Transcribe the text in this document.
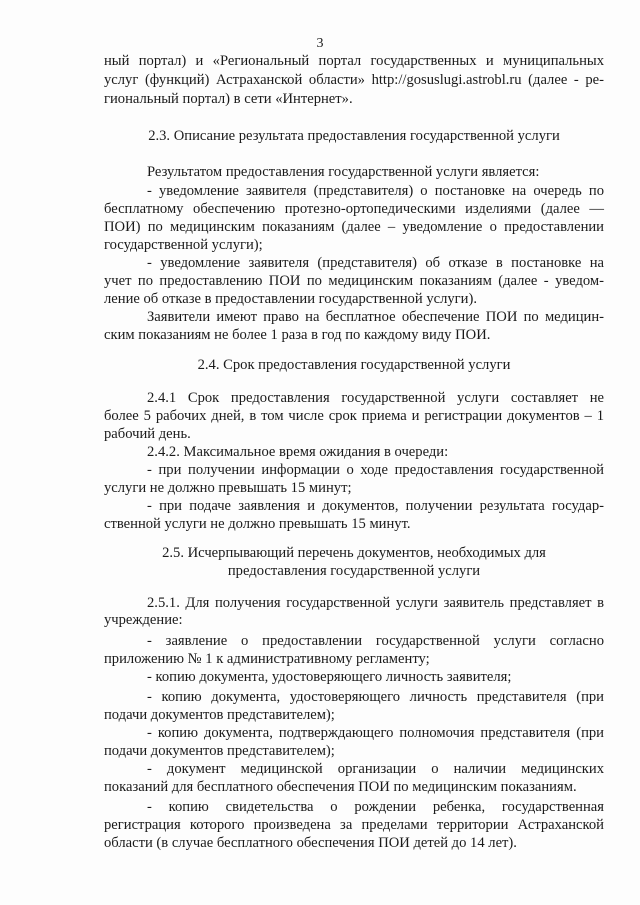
3
ный портал) и «Региональный портал государственных и муниципальных
услуг (функций) Астраханской области» http://gosuslugi.astrobl.ru (далее - ре-
гиональный портал) в сети «Интернет».
2.3. Описание результата предоставления государственной услуги
Результатом предоставления государственной услуги является:
- уведомление заявителя (представителя) о постановке на очередь по
бесплатному обеспечению протезно-ортопедическими изделиями (далее —
ПОИ) по медицинским показаниям (далее – уведомление о предоставлении
государственной услуги);
- уведомление заявителя (представителя) об отказе в постановке на
учет по предоставлению ПОИ по медицинским показаниям (далее - уведом-
ление об отказе в предоставлении государственной услуги).
Заявители имеют право на бесплатное обеспечение ПОИ по медицин-
ским показаниям не более 1 раза в год по каждому виду ПОИ.
2.4. Срок предоставления государственной услуги
2.4.1 Срок предоставления государственной услуги составляет не
более 5 рабочих дней, в том числе срок приема и регистрации документов – 1
рабочий день.
2.4.2. Максимальное время ожидания в очереди:
- при получении информации о ходе предоставления государственной
услуги не должно превышать 15 минут;
- при подаче заявления и документов, получении результата государ-
ственной услуги не должно превышать 15 минут.
2.5. Исчерпывающий перечень документов, необходимых для
предоставления государственной услуги
2.5.1. Для получения государственной услуги заявитель представляет в
учреждение:
- заявление о предоставлении государственной услуги согласно
приложению № 1 к административному регламенту;
- копию документа, удостоверяющего личность заявителя;
- копию документа, удостоверяющего личность представителя (при
подачи документов представителем);
- копию документа, подтверждающего полномочия представителя (при
подачи документов представителем);
- документ медицинской организации о наличии медицинских
показаний для бесплатного обеспечения ПОИ по медицинским показаниям.
- копию свидетельства о рождении ребенка, государственная
регистрация которого произведена за пределами территории Астраханской
области (в случае бесплатного обеспечения ПОИ детей до 14 лет).
